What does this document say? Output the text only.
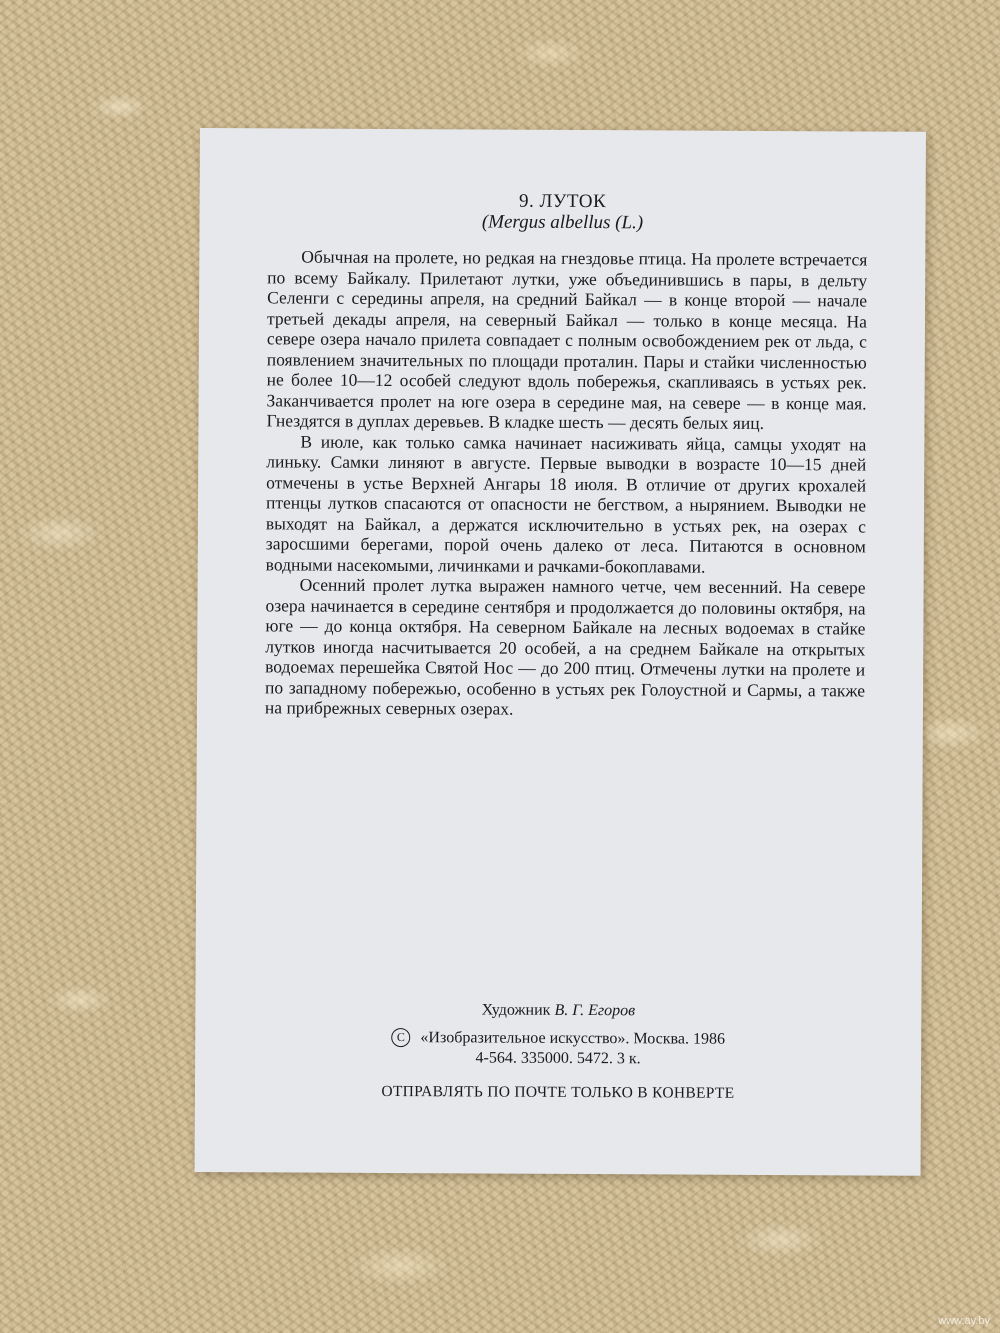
9. ЛУТОК
(Mergus albellus (L.)

Обычная на пролете, но редкая на гнездовье птица. На пролете встречается по всему Байкалу. Прилетают лутки, уже объединившись в пары, в дельту Селенги с середины апреля, на средний Байкал — в конце второй — начале третьей декады апреля, на северный Байкал — только в конце месяца. На севере озера начало прилета совпадает с полным освобождением рек от льда, с появлением значительных по площади проталин. Пары и стайки численностью не более 10—12 особей следуют вдоль побережья, скапливаясь в устьях рек. Заканчивается пролет на юге озера в середине мая, на севере — в конце мая. Гнездятся в дуплах деревьев. В кладке шесть — десять белых яиц.

В июле, как только самка начинает насиживать яйца, самцы уходят на линьку. Самки линяют в августе. Первые выводки в возрасте 10—15 дней отмечены в устье Верхней Ангары 18 июля. В отличие от других крохалей птенцы лутков спасаются от опасности не бегством, а нырянием. Выводки не выходят на Байкал, а держатся исключительно в устьях рек, на озерах с заросшими берегами, порой очень далеко от леса. Питаются в основном водными насекомыми, личинками и рачками-бокоплавами.

Осенний пролет лутка выражен намного четче, чем весенний. На севере озера начинается в середине сентября и продолжается до половины октября, на юге — до конца октября. На северном Байкале на лесных водоемах в стайке лутков иногда насчитывается 20 особей, а на среднем Байкале на открытых водоемах перешейка Святой Нос — до 200 птиц. Отмечены лутки на пролете и по западному побережью, особенно в устьях рек Голоустной и Сармы, а также на прибрежных северных озерах.

Художник В. Г. Егоров
C «Изобразительное искусство». Москва. 1986
4-564. 335000. 5472. 3 к.
ОТПРАВЛЯТЬ ПО ПОЧТЕ ТОЛЬКО В КОНВЕРТЕ
www.ay.by
